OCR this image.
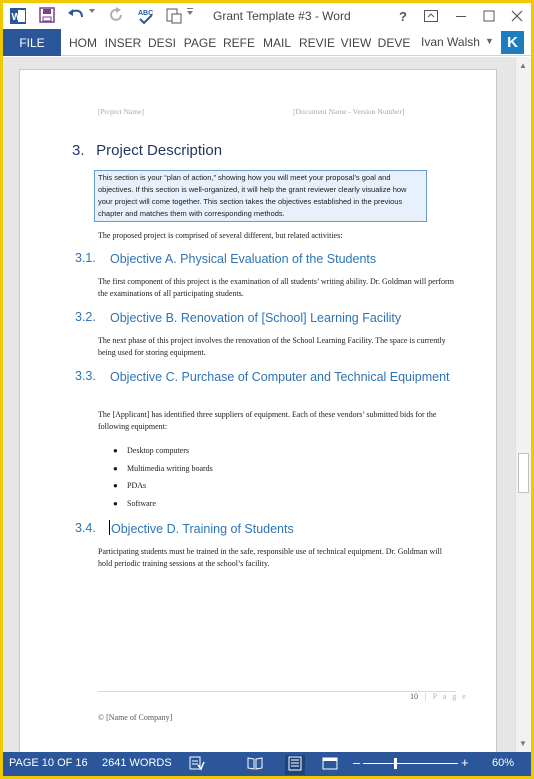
W	ABC	Grant Template #3 - Word	?
FILE	HOM INSER DESI PAGE REFE MAIL REVIE VIEW DEVE Ivan Walsh ▼ K
[Project Name]	[Document Name - Version Number]
3. Project Description
This section is your “plan of action,” showing how you will meet your proposal’s goal and objectives. If this section is well-organized, it will help the grant reviewer clearly visualize how your project will come together. This section takes the objectives established in the previous chapter and matches them with corresponding methods.
The proposed project is comprised of several different, but related activities:
3.1. Objective A. Physical Evaluation of the Students
The first component of this project is the examination of all students’ writing ability. Dr. Goldman will perform the examinations of all participating students.
3.2. Objective B. Renovation of [School] Learning Facility
The next phase of this project involves the renovation of the School Learning Facility. The space is currently being used for storing equipment.
3.3. Objective C. Purchase of Computer and Technical Equipment
The [Applicant] has identified three suppliers of equipment. Each of these vendors’ submitted bids for the following equipment:
● Desktop computers
● Multimedia writing boards
● PDAs
● Software
3.4. Objective D. Training of Students
Participating students must be trained in the safe, responsible use of technical equipment. Dr. Goldman will hold periodic training sessions at the school’s facility.
10 | P a g e
© [Name of Company]
▲
▼
PAGE 10 OF 16 2641 WORDS	–	+ 60%
